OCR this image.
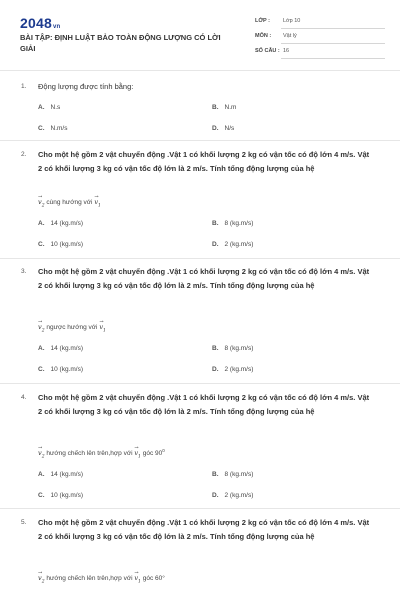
2048vn
BÀI TẬP: ĐỊNH LUẬT BẢO TOÀN ĐỘNG LƯỢNG CÓ LỜI GIẢI
LỚP : Lớp 10
MÔN : Vật lý
SỐ CÂU : 16
1. Động lượng được tính bằng:
A. N.s	B. N.m
C. N.m/s	D. N/s
2. Cho một hệ gồm 2 vật chuyển động .Vật 1 có khối lượng 2 kg có vận tốc có độ lớn 4 m/s. Vật 2 có khối lượng 3 kg có vận tốc độ lớn là 2 m/s. Tính tổng động lượng của hệ
→
$v_2$ cùng hướng với
→
$v_1$
A. 14 (kg.m/s)	B. 8 (kg.m/s)
C. 10 (kg.m/s)	D. 2 (kg.m/s)
3. Cho một hệ gồm 2 vật chuyển động .Vật 1 có khối lượng 2 kg có vận tốc có độ lớn 4 m/s. Vật 2 có khối lượng 3 kg có vận tốc độ lớn là 2 m/s. Tính tổng động lượng của hệ
→
$v_2$ ngược hướng với
→
$v_1$
A. 14 (kg.m/s)	B. 8 (kg.m/s)
C. 10 (kg.m/s)	D. 2 (kg.m/s)
4. Cho một hệ gồm 2 vật chuyển động .Vật 1 có khối lượng 2 kg có vận tốc có độ lớn 4 m/s. Vật 2 có khối lượng 3 kg có vận tốc độ lớn là 2 m/s. Tính tổng động lượng của hệ
→
$v_2$ hướng chếch lên trên,hợp với
→
$v_1$ góc $90^0$
A. 14 (kg.m/s)	B. 8 (kg.m/s)
C. 10 (kg.m/s)	D. 2 (kg.m/s)
5. Cho một hệ gồm 2 vật chuyển động .Vật 1 có khối lượng 2 kg có vận tốc có độ lớn 4 m/s. Vật 2 có khối lượng 3 kg có vận tốc độ lớn là 2 m/s. Tính tổng động lượng của hệ
→
$v_2$ hướng chếch lên trên,hợp với
→
$v_1$ góc 60°
